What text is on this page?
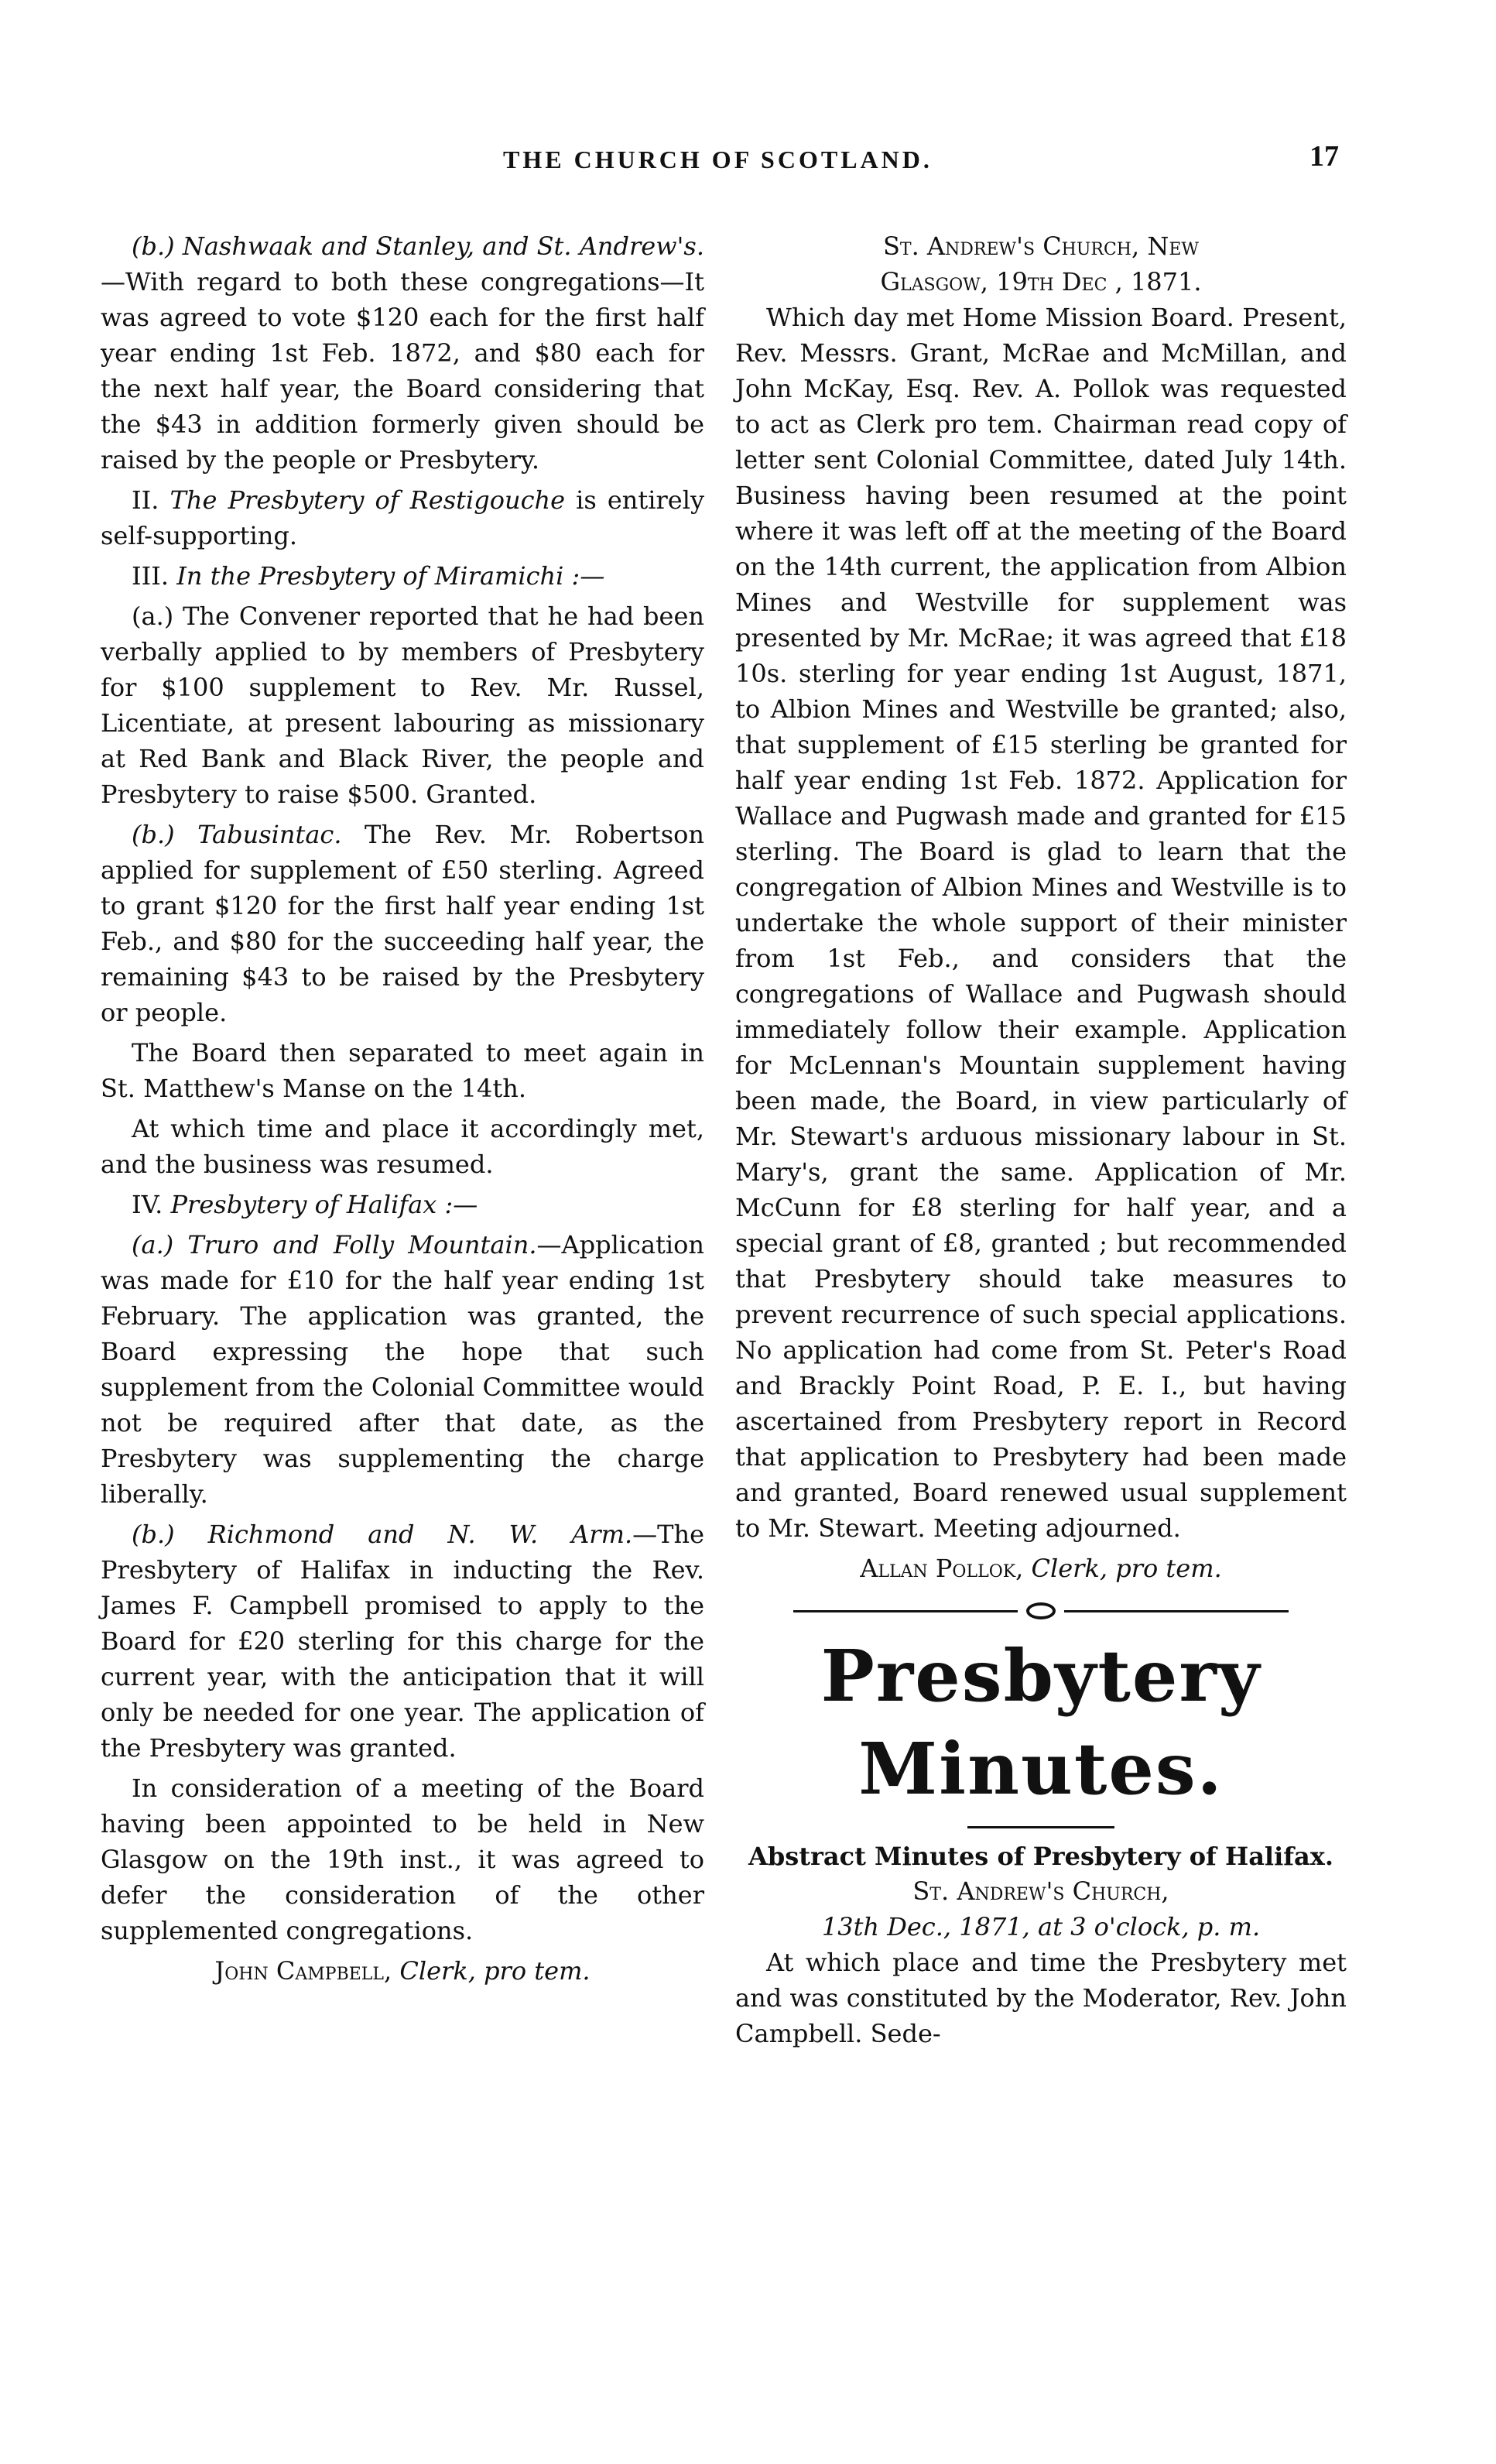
THE CHURCH OF SCOTLAND.	17

(b.) Nashwaak and Stanley, and St. Andrew's.—With regard to both these congregations—It was agreed to vote $120 each for the first half year ending 1st Feb. 1872, and $80 each for the next half year, the Board considering that the $43 in addition formerly given should be raised by the people or Presbytery.

II. The Presbytery of Restigouche is entirely self-supporting.

III. In the Presbytery of Miramichi :—

(a.) The Convener reported that he had been verbally applied to by members of Presbytery for $100 supplement to Rev. Mr. Russel, Licentiate, at present labouring as missionary at Red Bank and Black River, the people and Presbytery to raise $500. Granted.

(b.) Tabusintac. The Rev. Mr. Robertson applied for supplement of £50 sterling. Agreed to grant $120 for the first half year ending 1st Feb., and $80 for the succeeding half year, the remaining $43 to be raised by the Presbytery or people.

The Board then separated to meet again in St. Matthew's Manse on the 14th.

At which time and place it accordingly met, and the business was resumed.

IV. Presbytery of Halifax :—

(a.) Truro and Folly Mountain.—Application was made for £10 for the half year ending 1st February. The application was granted, the Board expressing the hope that such supplement from the Colonial Committee would not be required after that date, as the Presbytery was supplementing the charge liberally.

(b.) Richmond and N. W. Arm.—The Presbytery of Halifax in inducting the Rev. James F. Campbell promised to apply to the Board for £20 sterling for this charge for the current year, with the anticipation that it will only be needed for one year. The application of the Presbytery was granted.

In consideration of a meeting of the Board having been appointed to be held in New Glasgow on the 19th inst., it was agreed to defer the consideration of the other supplemented congregations.

John Campbell, Clerk, pro tem.

St. Andrew's Church, New
Glasgow, 19th Dec , 1871.

Which day met Home Mission Board. Present, Rev. Messrs. Grant, McRae and McMillan, and John McKay, Esq. Rev. A. Pollok was requested to act as Clerk pro tem. Chairman read copy of letter sent Colonial Committee, dated July 14th. Business having been resumed at the point where it was left off at the meeting of the Board on the 14th current, the application from Albion Mines and Westville for supplement was presented by Mr. McRae; it was agreed that £18 10s. sterling for year ending 1st August, 1871, to Albion Mines and Westville be granted; also, that supplement of £15 sterling be granted for half year ending 1st Feb. 1872. Application for Wallace and Pugwash made and granted for £15 sterling. The Board is glad to learn that the congregation of Albion Mines and Westville is to undertake the whole support of their minister from 1st Feb., and considers that the congregations of Wallace and Pugwash should immediately follow their example. Application for McLennan's Mountain supplement having been made, the Board, in view particularly of Mr. Stewart's arduous missionary labour in St. Mary's, grant the same. Application of Mr. McCunn for £8 sterling for half year, and a special grant of £8, granted ; but recommended that Presbytery should take measures to prevent recurrence of such special applications. No application had come from St. Peter's Road and Brackly Point Road, P. E. I., but having ascertained from Presbytery report in Record that application to Presbytery had been made and granted, Board renewed usual supplement to Mr. Stewart. Meeting adjourned.

Allan Pollok, Clerk, pro tem.

Presbytery Minutes.
Abstract Minutes of Presbytery of Halifax.
St. Andrew's Church,
13th Dec., 1871, at 3 o'clock, p. m.

At which place and time the Presbytery met and was constituted by the Moderator, Rev. John Campbell. Sede-
